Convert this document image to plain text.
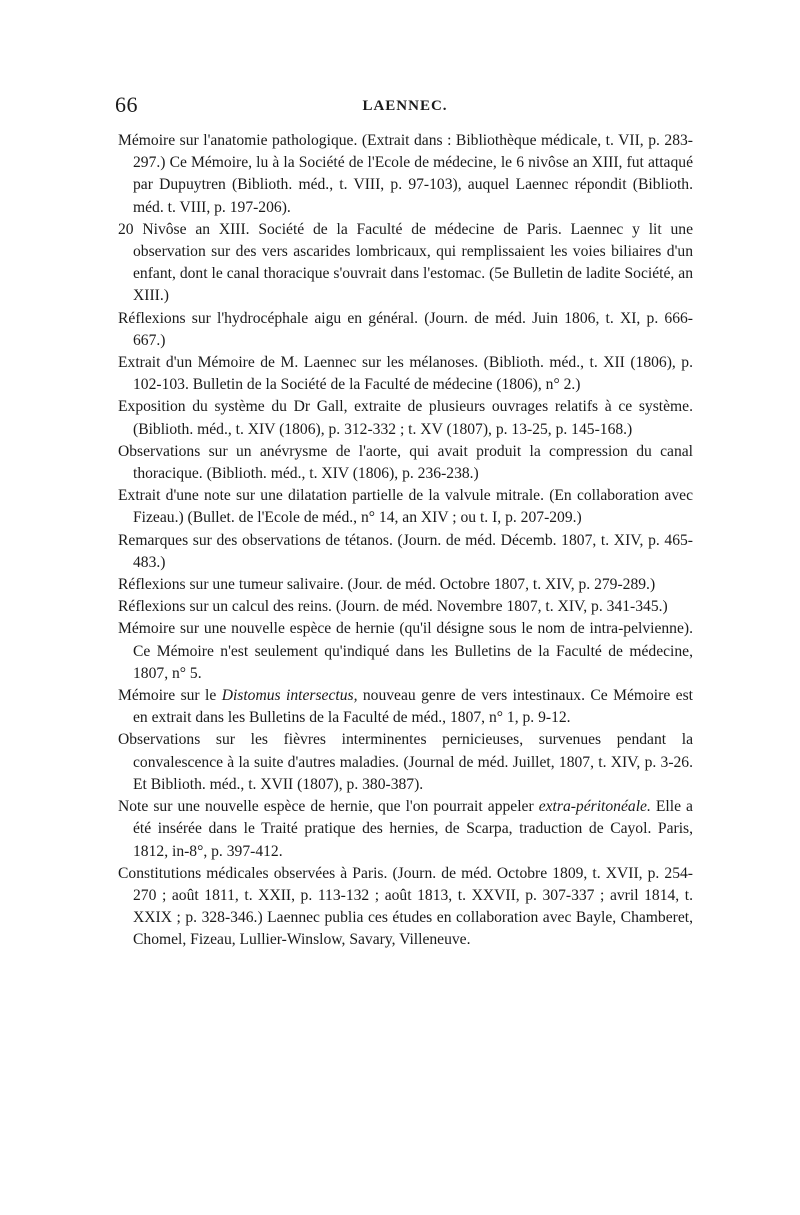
66	LAENNEC.

Mémoire sur l'anatomie pathologique. (Extrait dans : Bibliothèque médicale, t. VII, p. 283-297.) Ce Mémoire, lu à la Société de l'Ecole de médecine, le 6 nivôse an XIII, fut attaqué par Dupuytren (Biblioth. méd., t. VIII, p. 97-103), auquel Laennec répondit (Biblioth. méd. t. VIII, p. 197-206).

20 Nivôse an XIII. Société de la Faculté de médecine de Paris. Laennec y lit une observation sur des vers ascarides lombricaux, qui remplissaient les voies biliaires d'un enfant, dont le canal thoracique s'ouvrait dans l'estomac. (5e Bulletin de ladite Société, an XIII.)

Réflexions sur l'hydrocéphale aigu en général. (Journ. de méd. Juin 1806, t. XI, p. 666-667.)

Extrait d'un Mémoire de M. Laennec sur les mélanoses. (Biblioth. méd., t. XII (1806), p. 102-103. Bulletin de la Société de la Faculté de médecine (1806), n° 2.)

Exposition du système du Dr Gall, extraite de plusieurs ouvrages relatifs à ce système. (Biblioth. méd., t. XIV (1806), p. 312-332 ; t. XV (1807), p. 13-25, p. 145-168.)

Observations sur un anévrysme de l'aorte, qui avait produit la compression du canal thoracique. (Biblioth. méd., t. XIV (1806), p. 236-238.)

Extrait d'une note sur une dilatation partielle de la valvule mitrale. (En collaboration avec Fizeau.) (Bullet. de l'Ecole de méd., n° 14, an XIV ; ou t. I, p. 207-209.)

Remarques sur des observations de tétanos. (Journ. de méd. Décemb. 1807, t. XIV, p. 465-483.)

Réflexions sur une tumeur salivaire. (Jour. de méd. Octobre 1807, t. XIV, p. 279-289.)

Réflexions sur un calcul des reins. (Journ. de méd. Novembre 1807, t. XIV, p. 341-345.)

Mémoire sur une nouvelle espèce de hernie (qu'il désigne sous le nom de intra-pelvienne). Ce Mémoire n'est seulement qu'indiqué dans les Bulletins de la Faculté de médecine, 1807, n° 5.

Mémoire sur le Distomus intersectus, nouveau genre de vers intestinaux. Ce Mémoire est en extrait dans les Bulletins de la Faculté de méd., 1807, n° 1, p. 9-12.

Observations sur les fièvres interminentes pernicieuses, survenues pendant la convalescence à la suite d'autres maladies. (Journal de méd. Juillet, 1807, t. XIV, p. 3-26. Et Biblioth. méd., t. XVII (1807), p. 380-387).

Note sur une nouvelle espèce de hernie, que l'on pourrait appeler extra-péritonéale. Elle a été insérée dans le Traité pratique des hernies, de Scarpa, traduction de Cayol. Paris, 1812, in-8°, p. 397-412.

Constitutions médicales observées à Paris. (Journ. de méd. Octobre 1809, t. XVII, p. 254-270 ; août 1811, t. XXII, p. 113-132 ; août 1813, t. XXVII, p. 307-337 ; avril 1814, t. XXIX ; p. 328-346.) Laennec publia ces études en collaboration avec Bayle, Chamberet, Chomel, Fizeau, Lullier-Winslow, Savary, Villeneuve.
